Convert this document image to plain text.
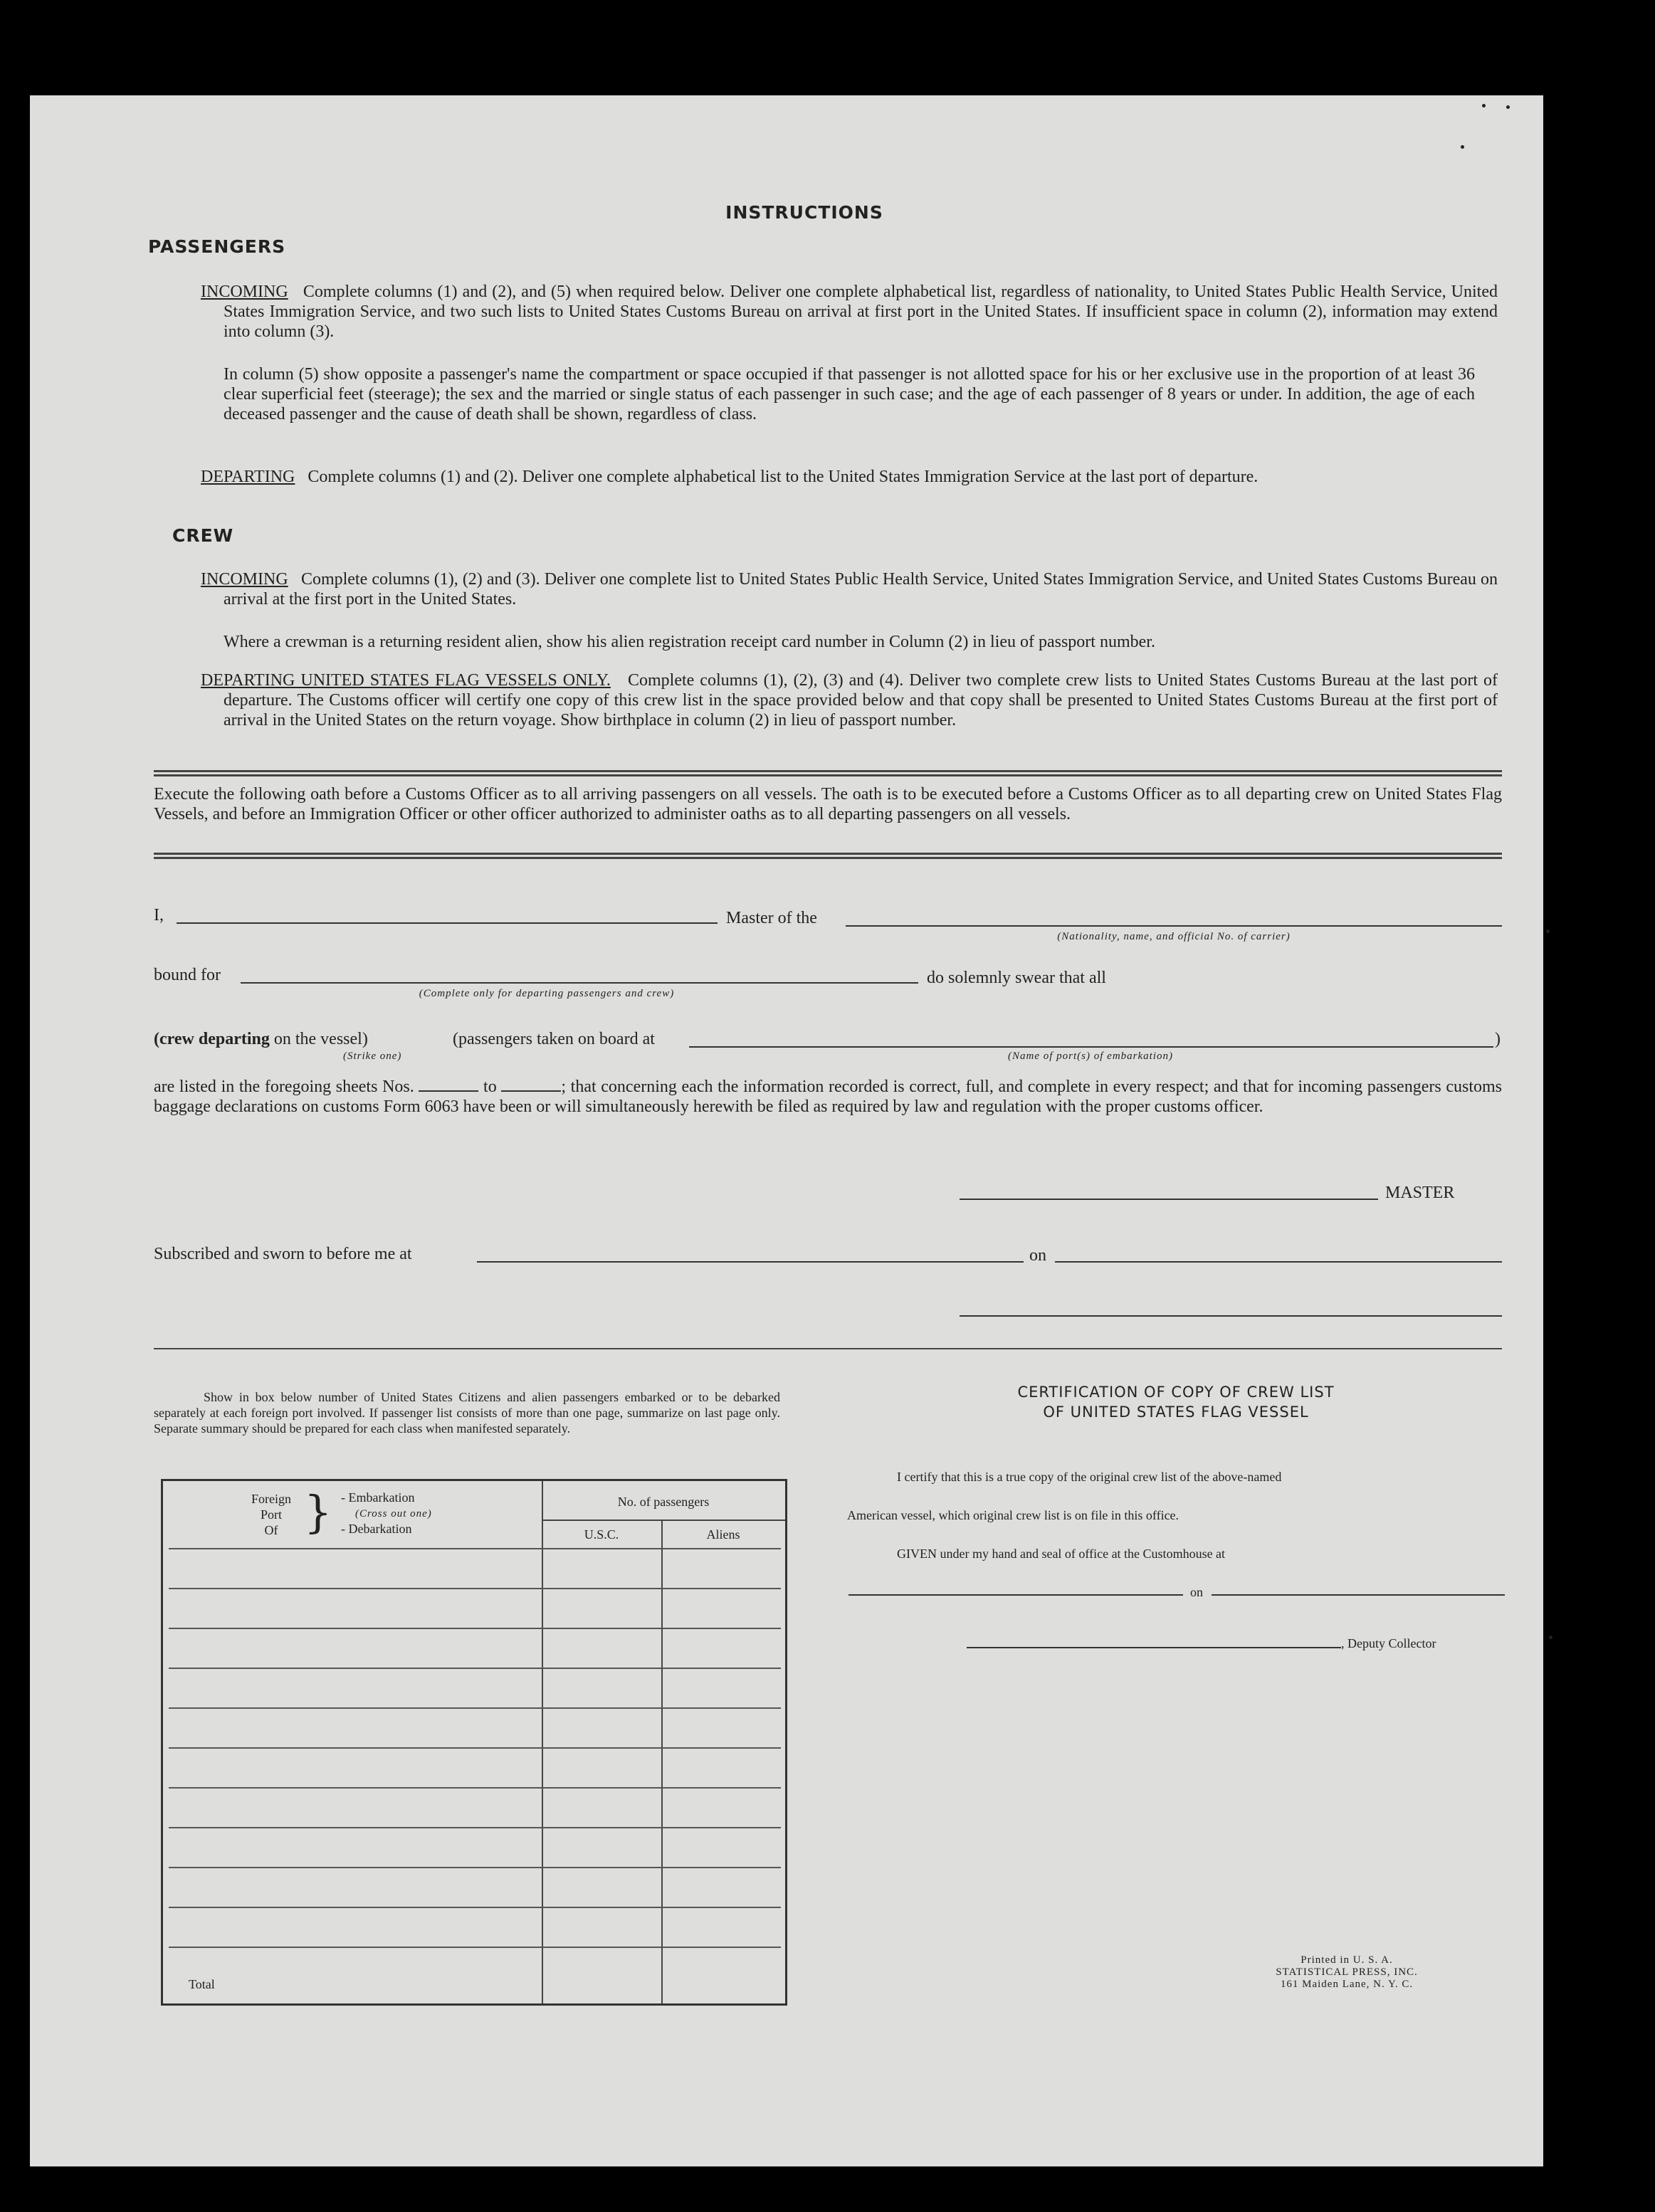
INSTRUCTIONS
PASSENGERS
INCOMING Complete columns (1) and (2), and (5) when required below. Deliver one complete alphabetical list, regardless of nationality, to United States Public Health Service, United States Immigration Service, and two such lists to United States Customs Bureau on arrival at first port in the United States. If insufficient space in column (2), information may extend into column (3).
In column (5) show opposite a passenger's name the compartment or space occupied if that passenger is not allotted space for his or her exclusive use in the proportion of at least 36 clear superficial feet (steerage); the sex and the married or single status of each passenger in such case; and the age of each passenger of 8 years or under. In addition, the age of each deceased passenger and the cause of death shall be shown, regardless of class.
DEPARTING Complete columns (1) and (2). Deliver one complete alphabetical list to the United States Immigration Service at the last port of departure.
CREW
INCOMING Complete columns (1), (2) and (3). Deliver one complete list to United States Public Health Service, United States Immigration Service, and United States Customs Bureau on arrival at the first port in the United States.
Where a crewman is a returning resident alien, show his alien registration receipt card number in Column (2) in lieu of passport number.
DEPARTING UNITED STATES FLAG VESSELS ONLY. Complete columns (1), (2), (3) and (4). Deliver two complete crew lists to United States Customs Bureau at the last port of departure. The Customs officer will certify one copy of this crew list in the space provided below and that copy shall be presented to United States Customs Bureau at the first port of arrival in the United States on the return voyage. Show birthplace in column (2) in lieu of passport number.
Execute the following oath before a Customs Officer as to all arriving passengers on all vessels. The oath is to be executed before a Customs Officer as to all departing crew on United States Flag Vessels, and before an Immigration Officer or other officer authorized to administer oaths as to all departing passengers on all vessels.
I,	Master of the
(Nationality, name, and official No. of carrier)
bound for
(Complete only for departing passengers and crew)
do solemnly swear that all
(crew departing on the vessel)
(Strike one)
(passengers taken on board at	)
(Name of port(s) of embarkation)
are listed in the foregoing sheets Nos.	to	; that concerning each the information recorded is correct, full, and complete in every respect; and that for incoming passengers customs baggage declarations on customs Form 6063 have been or will simultaneously herewith be filed as required by law and regulation with the proper customs officer.
MASTER
Subscribed and sworn to before me at	on
Show in box below number of United States Citizens and alien passengers embarked or to be debarked separately at each foreign port involved. If passenger list consists of more than one page, summarize on last page only. Separate summary should be prepared for each class when manifested separately.
Foreign
Port
Of } - Embarkation
(Cross out one)
- Debarkation
No. of passengers
U.S.C.	Aliens
Total
CERTIFICATION OF COPY OF CREW LIST
OF UNITED STATES FLAG VESSEL
I certify that this is a true copy of the original crew list of the above-named
American vessel, which original crew list is on file in this office.
GIVEN under my hand and seal of office at the Customhouse at
on
, Deputy Collector
Printed in U. S. A.
STATISTICAL PRESS, INC.
161 Maiden Lane, N. Y. C.
